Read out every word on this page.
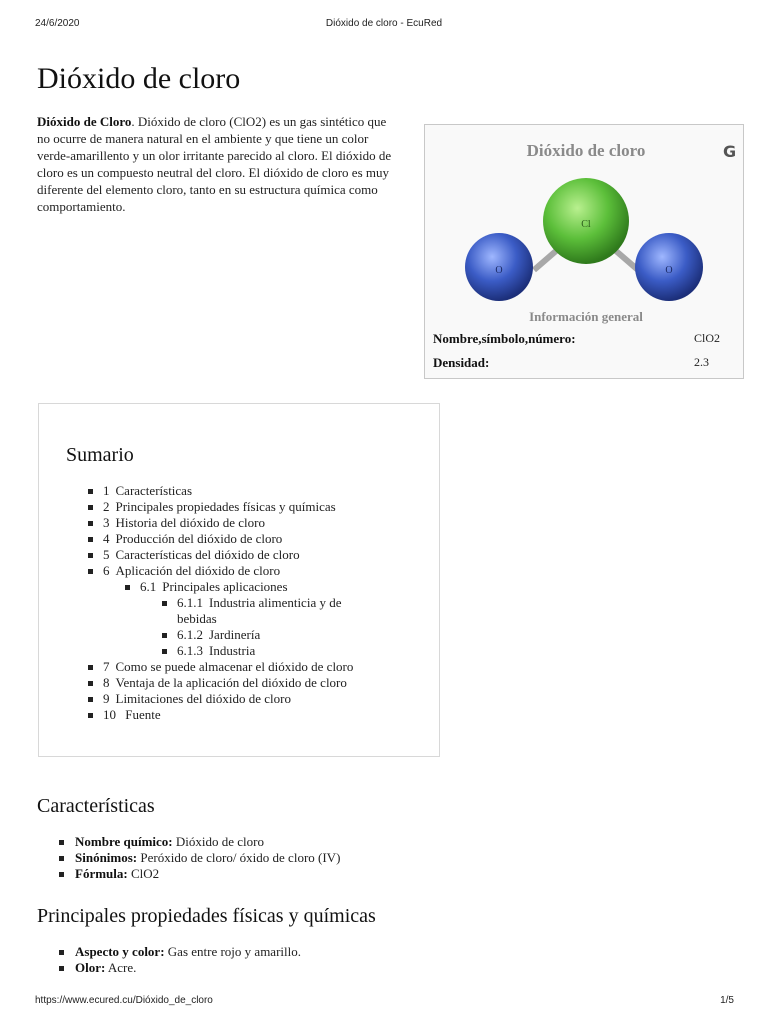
24/6/2020	Dióxido de cloro - EcuRed
Dióxido de cloro

Dióxido de Cloro. Dióxido de cloro (ClO2) es un gas sintético que no ocurre de manera natural en el ambiente y que tiene un color verde-amarillento y un olor irritante parecido al cloro. El dióxido de cloro es un compuesto neutral del cloro. El dióxido de cloro es muy diferente del elemento cloro, tanto en su estructura química como comportamiento.

Dióxido de cloro	G
Cl
O	O
Información general
Nombre,símbolo,número:	ClO2
Densidad:	2.3
Sumario
1 Características
2 Principales propiedades físicas y químicas
3 Historia del dióxido de cloro
4 Producción del dióxido de cloro
5 Características del dióxido de cloro
6 Aplicación del dióxido de cloro
6.1 Principales aplicaciones
6.1.1 Industria alimenticia y de bebidas
6.1.2 Jardinería
6.1.3 Industria
7 Como se puede almacenar el dióxido de cloro
8 Ventaja de la aplicación del dióxido de cloro
9 Limitaciones del dióxido de cloro
10 Fuente
Características
Nombre químico: Dióxido de cloro
Sinónimos: Peróxido de cloro/ óxido de cloro (IV)
Fórmula: ClO2
Principales propiedades físicas y químicas
Aspecto y color: Gas entre rojo y amarillo.
Olor: Acre.
https://www.ecured.cu/Dióxido_de_cloro	1/5
